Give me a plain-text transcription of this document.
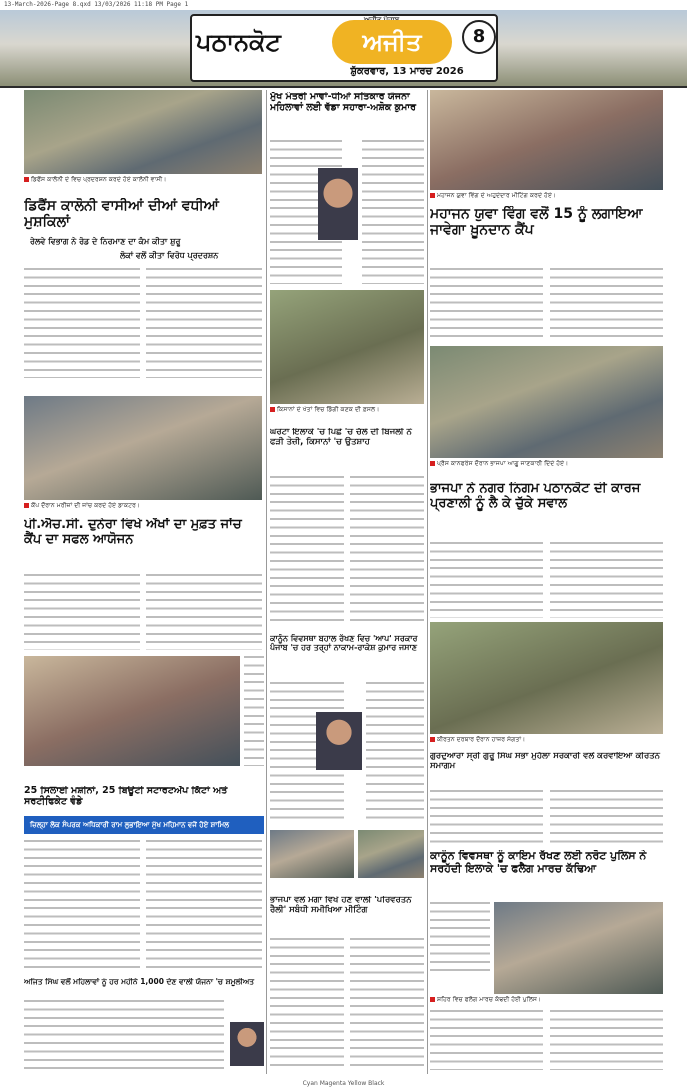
13-March-2026-Page 8.qxd 13/03/2026 11:18 PM Page 1
ਪਠਾਨਕੋਟ	ਅਜੀਤ	8
ਸ਼ੁੱਕਰਵਾਰ, 13 ਮਾਰਚ 2026
ਡਿਫੈਂਸ ਕਾਲੋਨੀ ਦੇ ਵਿਚ ਪ੍ਰਦਰਸ਼ਨ ਕਰਦੇ ਹੋਏ ਕਾਲੋਨੀ ਵਾਸੀ।
ਡਿਫੈਂਸ ਕਾਲੋਨੀ ਵਾਸੀਆਂ ਦੀਆਂ ਵਧੀਆਂ ਮੁਸ਼ਕਿਲਾਂ
ਰੇਲਵੇ ਵਿਭਾਗ ਨੇ ਰੋਡ ਦੇ ਨਿਰਮਾਣ ਦਾ ਕੰਮ ਕੀਤਾ ਸ਼ੁਰੂ
ਲੋਕਾਂ ਵਲੋਂ ਕੀਤਾ ਵਿਰੋਧ ਪ੍ਰਦਰਸ਼ਨ
ਕੈਂਪ ਦੌਰਾਨ ਮਰੀਜ਼ਾਂ ਦੀ ਜਾਂਚ ਕਰਦੇ ਹੋਏ ਡਾਕਟਰ।
ਪੀ.ਐਚ.ਸੀ. ਦੁਨੇਰਾ ਵਿਖੇ ਅੱਖਾਂ ਦਾ ਮੁਫ਼ਤ ਜਾਂਚ ਕੈਂਪ ਦਾ ਸਫਲ ਆਯੋਜਨ
25 ਸਿਲਾਈ ਮਸ਼ੀਨਾਂ, 25 ਬਿਊਟੀ ਸਟਾਰਟਅੱਪ ਕਿੱਟਾਂ ਅਤੇ ਸਰਟੀਫਿਕੇਟ ਵੰਡੇ
ਜ਼ਿਲ੍ਹਾ ਲੋਕ ਸੰਪਰਕ ਅਧਿਕਾਰੀ ਰਾਮ ਲੁਭਾਇਆ ਮੁੱਖ ਮਹਿਮਾਨ ਵਜੋਂ ਹੋਏ ਸ਼ਾਮਿਲ
ਅਜਿਤ ਸਿੰਘ ਵਲੋਂ ਮਹਿਲਾਵਾਂ ਨੂੰ ਹਰ ਮਹੀਨੇ 1,000 ਦੇਣ ਵਾਲੀ ਯੋਜਨਾ 'ਚ ਸ਼ਮੂਲੀਅਤ
ਮੁੱਖ ਮੰਤਰੀ ਮਾਵਾਂ-ਧੀਆਂ ਸਤਿਕਾਰ ਯੋਜਨਾ ਮਹਿਲਾਵਾਂ ਲਈ ਵੱਡਾ ਸਹਾਰਾ-ਅਸ਼ੋਕ ਕੁਮਾਰ
ਕਿਸਾਨਾਂ ਦੇ ਖੇਤਾਂ ਵਿਚ ਡਿੱਗੀ ਕਣਕ ਦੀ ਫ਼ਸਲ।
ਘਰੋਟਾ ਇਲਾਕੇ 'ਚ ਪਿਛੇ 'ਚ ਚੱਲੇ ਦੀ ਬਿਜਲੀ ਨੇ ਫੜੀ ਤੇਜ਼ੀ, ਕਿਸਾਨਾਂ 'ਚ ਉਤਸ਼ਾਹ
ਕਾਨੂੰਨ ਵਿਵਸਥਾ ਬਹਾਲ ਰੱਖਣ ਵਿਚ 'ਆਪ' ਸਰਕਾਰ ਪੰਜਾਬ 'ਚ ਹਰ ਤਰ੍ਹਾਂ ਨਾਕਾਮ-ਰਾਕੇਸ਼ ਕੁਮਾਰ ਜਸਾਣ
ਭਾਜਪਾ ਵਲੋਂ ਮੋਗਾ ਵਿਖੇ ਹੋਣ ਵਾਲੀ 'ਪਰਿਵਰਤਨ ਰੈਲੀ' ਸਬੰਧੀ ਸਮੀਖਿਆ ਮੀਟਿੰਗ
ਮਹਾਜਨ ਯੁਵਾ ਵਿੰਗ ਦੇ ਅਹੁਦੇਦਾਰ ਮੀਟਿੰਗ ਕਰਦੇ ਹੋਏ।
ਮਹਾਜਨ ਯੁਵਾ ਵਿੰਗ ਵਲੋਂ 15 ਨੂੰ ਲਗਾਇਆ ਜਾਵੇਗਾ ਖ਼ੂਨਦਾਨ ਕੈਂਪ
ਪ੍ਰੈਸ ਕਾਨਫਰੰਸ ਦੌਰਾਨ ਭਾਜਪਾ ਆਗੂ ਜਾਣਕਾਰੀ ਦਿੰਦੇ ਹੋਏ।
ਭਾਜਪਾ ਨੇ ਨਗਰ ਨਿਗਮ ਪਠਾਨਕੋਟ ਦੀ ਕਾਰਜ ਪ੍ਰਣਾਲੀ ਨੂੰ ਲੈ ਕੇ ਚੁੱਕੇ ਸਵਾਲ
ਕੀਰਤਨ ਦਰਬਾਰ ਦੌਰਾਨ ਹਾਜ਼ਰ ਸੰਗਤਾਂ।
ਗੁਰਦੁਆਰਾ ਸ੍ਰੀ ਗੁਰੂ ਸਿੰਘ ਸਭਾ ਮੁਹੱਲਾ ਸਰਕਾਰੀ ਵਲੋਂ ਕਰਵਾਇਆ ਕੀਰਤਨ ਸਮਾਗਮ
ਕਾਨੂੰਨ ਵਿਵਸਥਾ ਨੂੰ ਕਾਇਮ ਰੱਖਣ ਲਈ ਨਰੋਟ ਪੁਲਿਸ ਨੇ ਸਰਹੱਦੀ ਇਲਾਕੇ 'ਚ ਫਲੈਗ ਮਾਰਚ ਕੱਢਿਆ
ਸ਼ਹਿਰ ਵਿਚ ਫਲੈਗ ਮਾਰਚ ਕੱਢਦੀ ਹੋਈ ਪੁਲਿਸ।
Cyan Magenta Yellow Black
